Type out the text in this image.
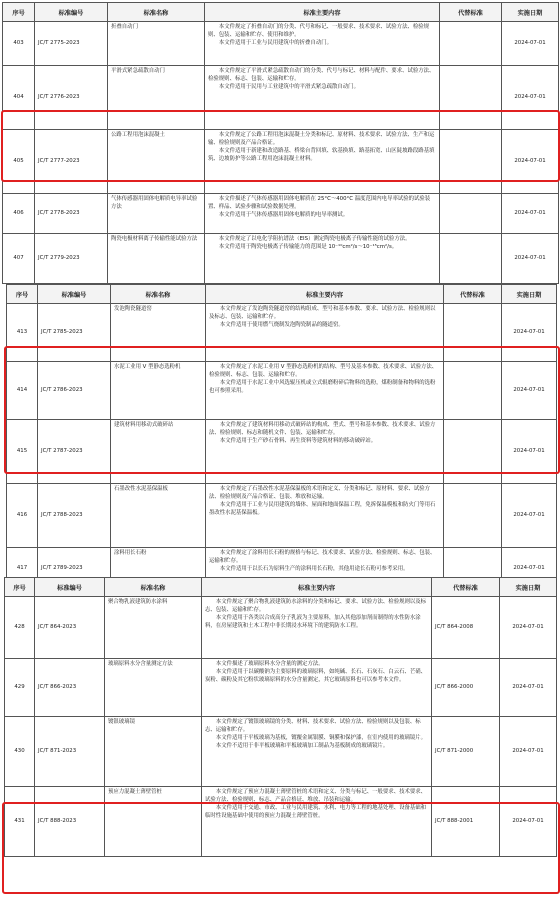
序号	标准编号	标准名称	标准主要内容	代替标准	实施日期
403	JC/T 2775-2023	折叠自动门	本文件规定了折叠自动门的分类、代号和标记、一般要求、技术要求、试验方法、检验规则、包装、运输和贮存、使用和维护。

本文件适用于工业与民用建筑中的折叠自动门。		2024-07-01
404	JC/T 2776-2023	平滑式紧急疏散自动门	本文件规定了平滑式紧急疏散自动门的分类、代号与标记、材料与配件、要求、试验方法、检验规则、标志、包装、运输和贮存。

本文件适用于民用与工业建筑中的平滑式紧急疏散自动门。		2024-07-01
405	JC/T 2777-2023	公路工程用泡沫混凝土	本文件规定了公路工程用泡沫混凝土分类和标记、原材料、技术要求、试验方法、生产和运输、检验规则及产品合格证。

本文件适用于新建和改造路基、桥梁台背回填、软基换填、路基拓宽、山区陡坡路段路基填筑、边坡防护等公路工程用泡沫混凝土材料。		2024-07-01
406	JC/T 2778-2023	气体传感器用固体电解质电导率试验方法	本文件描述了气体传感器用固体电解质在 25°C～400°C 温度范围内电导率试验的试验装置、样品、试验步骤和试验数据处理。

本文件适用于气体传感器用固体电解质的电导率测试。		2024-07-01
407	JC/T 2779-2023	陶瓷电极材料离子传输性能试验方法	本文件规定了以电化学阻抗谱法（EIS）测定陶瓷电极离子传输性能的试验方法。

本文件适用于陶瓷电极离子传输能力的范围是 10⁻¹⁰cm²/s～10⁻¹⁵cm²/s。		2024-07-01
序号	标准编号	标准名称	标准主要内容	代替标准	实施日期
413	JC/T 2785-2023	发泡陶瓷隧道窑	本文件规定了发泡陶瓷隧道窑的结构组成、型号和基本参数、要求、试验方法、检验规则以及标志、包装、运输和贮存。

本文件适用于使用燃气烧制发泡陶瓷制品的隧道窑。		2024-07-01
414	JC/T 2786-2023	水泥工业用 V 型静态选粉机	本文件规定了水泥工业用 V 型静态选粉机的结构、型号及基本参数、技术要求、试验方法、检验规则、标志、包装、运输和贮存。

本文件适用于水泥工业中风选辊压机或立式辊磨粉碎后物料的选粉，煤粉制备和物料的选粉也可参照采用。		2024-07-01
415	JC/T 2787-2023	建筑材料用移动式破碎站	本文件规定了建筑材料用移动式破碎站的构成、型式、型号和基本参数、技术要求、试验方法、检验规则、标志和随机文件、包装、运输和贮存。

本文件适用于生产砂石骨料、再生资料等建筑材料的移动破碎站。		2024-07-01
416	JC/T 2788-2023	石墨改性水泥基保温板	本文件规定了石墨改性水泥基保温板的术语和定义、分类和标记、原材料、要求、试验方法、检验规则及产品合格证、包装、堆放和运输。

本文件适用于工业与民用建筑的墙体、屋面和地面保温工程，免拆保温模板和防火门等用石墨改性水泥基保温板。		2024-07-01
417	JC/T 2789-2023	涂料用长石粉	本文件规定了涂料用长石粉的规格与标记、技术要求、试验方法、检验规则、标志、包装、运输和贮存。

本文件适用于以长石为原料生产的涂料用长石粉，其他用途长石粉可参考采用。		2024-07-01
序号	标准编号	标准名称	标准主要内容	代替标准	实施日期
428	JC/T 864-2023	聚合物乳液建筑防水涂料	本文件规定了聚合物乳液建筑防水涂料的分类和标记、要求、试验方法、检验规则以及标志、包装、运输和贮存。

本文件适用于各类以合成高分子乳液为主要原料，加入其他添加剂而制得的水性防水涂料，在房屋建筑和土木工程中非长期浸水环境下的建筑防水工程。	JC/T 864-2008	2024-07-01
429	JC/T 866-2023	玻璃原料水分含量测定方法	本文件描述了玻璃原料水分含量的测定方法。

本文件适用于以碳酸钠为主要原料的玻璃原料，如纯碱、长石、石灰石、白云石、芒硝、炭粉、碳粉及其它粉状玻璃原料的水分含量测定，其它玻璃原料也可以参考本文件。	JC/T 866-2000	2024-07-01
430	JC/T 871-2023	镀银玻璃镜	本文件规定了镀银玻璃镜的分类、材料、技术要求、试验方法、检验规则以及包装、标志、运输和贮存。

本文件适用于平板玻璃为基板，镀覆金属银膜、铜膜和保护漆，在室内使用的玻璃镜片。

本文件不适用于非平板玻璃和平板玻璃加工制品为基板制成的玻璃镜片。	JC/T 871-2000	2024-07-01
431	JC/T 888-2023	预应力混凝土薄壁管桩	本文件规定了预应力混凝土薄壁管桩的术语和定义、分类与标记、一般要求、技术要求、试验方法、检验规则、标志、产品合格证、堆放、吊装和运输。

本文件适用于交通、市政、工业与民用建筑、水利、电力等工程的地基处理、设备基础和临时性设施基础中使用的预应力混凝土薄壁管桩。	JC/T 888-2001	2024-07-01
